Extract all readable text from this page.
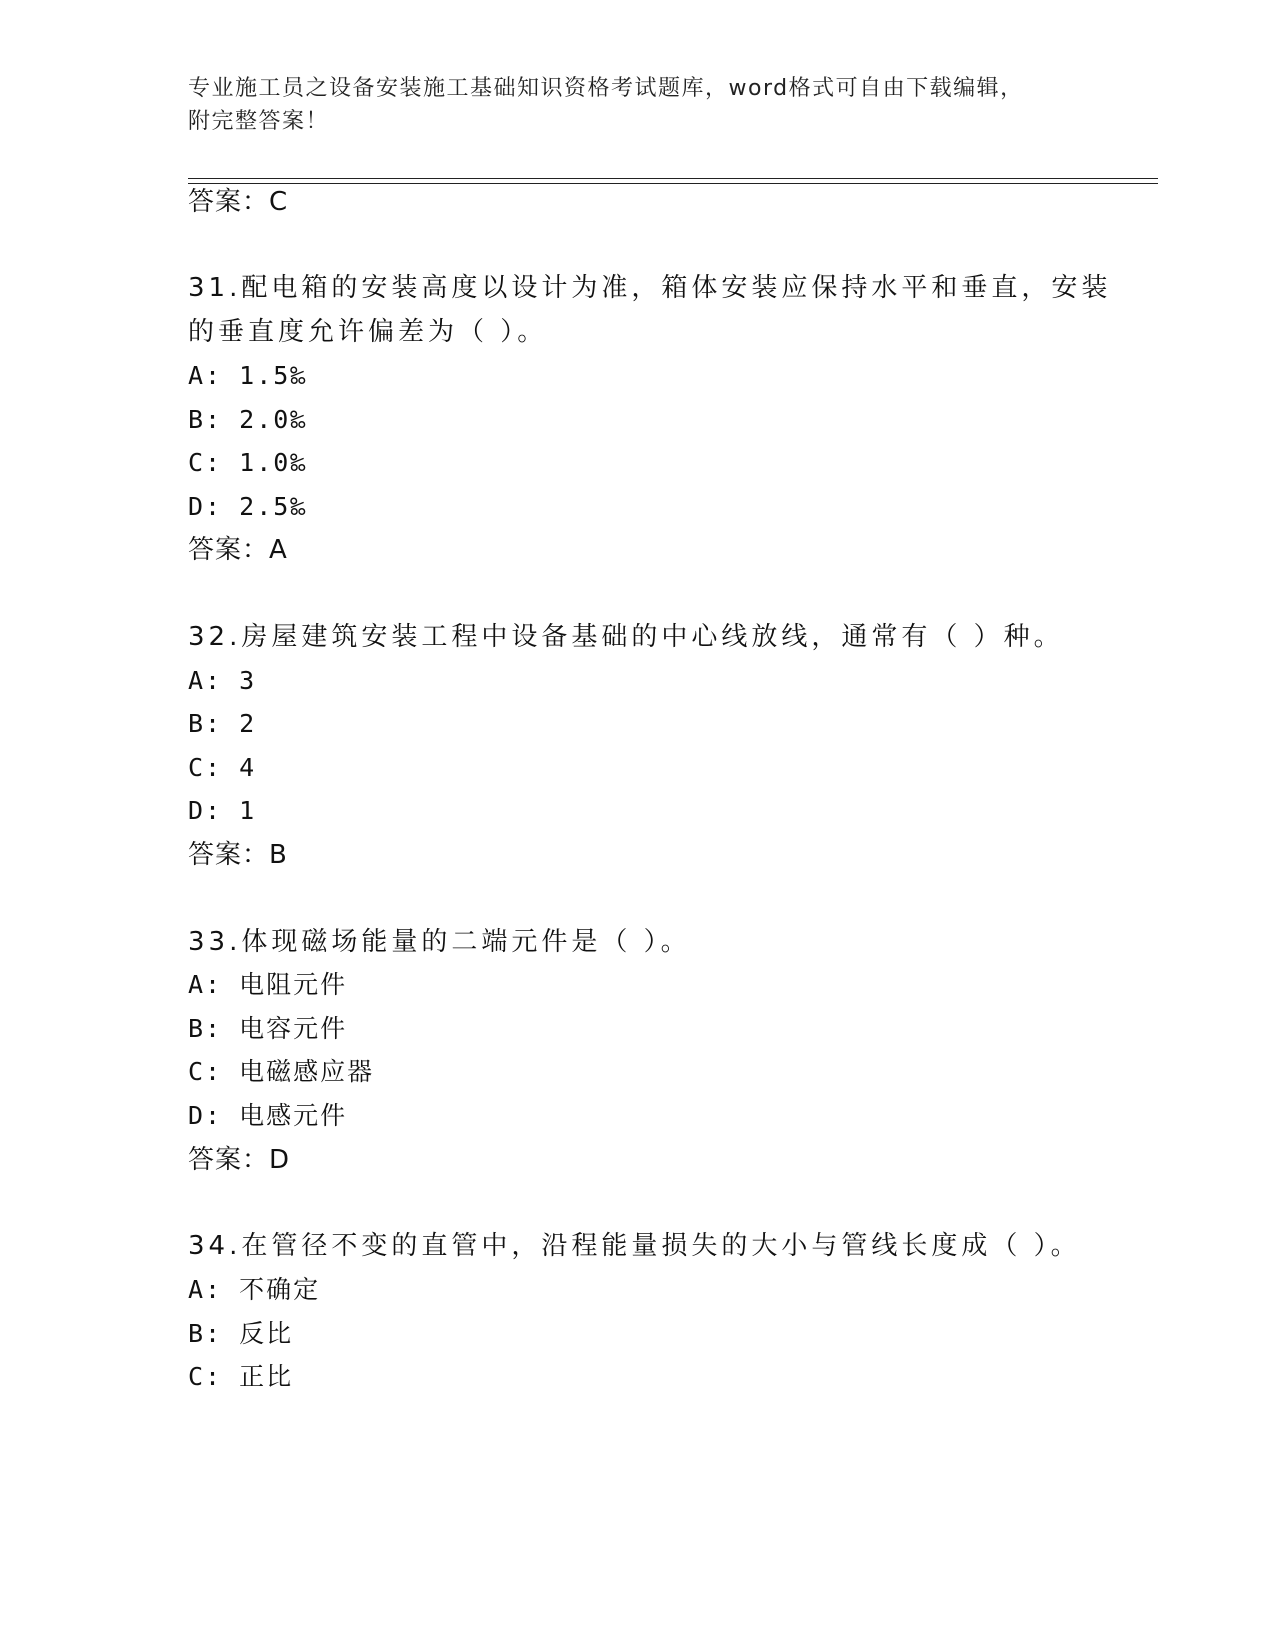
专业施工员之设备安装施工基础知识资格考试题库，word格式可自由下载编辑，
附完整答案！
答案：C
31.配电箱的安装高度以设计为准，箱体安装应保持水平和垂直，安装
的垂直度允许偏差为（ ）。
A: 1.5‰
B: 2.0‰
C: 1.0‰
D: 2.5‰
答案：A
32.房屋建筑安装工程中设备基础的中心线放线，通常有（ ）种。
A: 3
B: 2
C: 4
D: 1
答案：B
33.体现磁场能量的二端元件是（ ）。
A: 电阻元件
B: 电容元件
C: 电磁感应器
D: 电感元件
答案：D
34.在管径不变的直管中，沿程能量损失的大小与管线长度成（ ）。
A: 不确定
B: 反比
C: 正比
